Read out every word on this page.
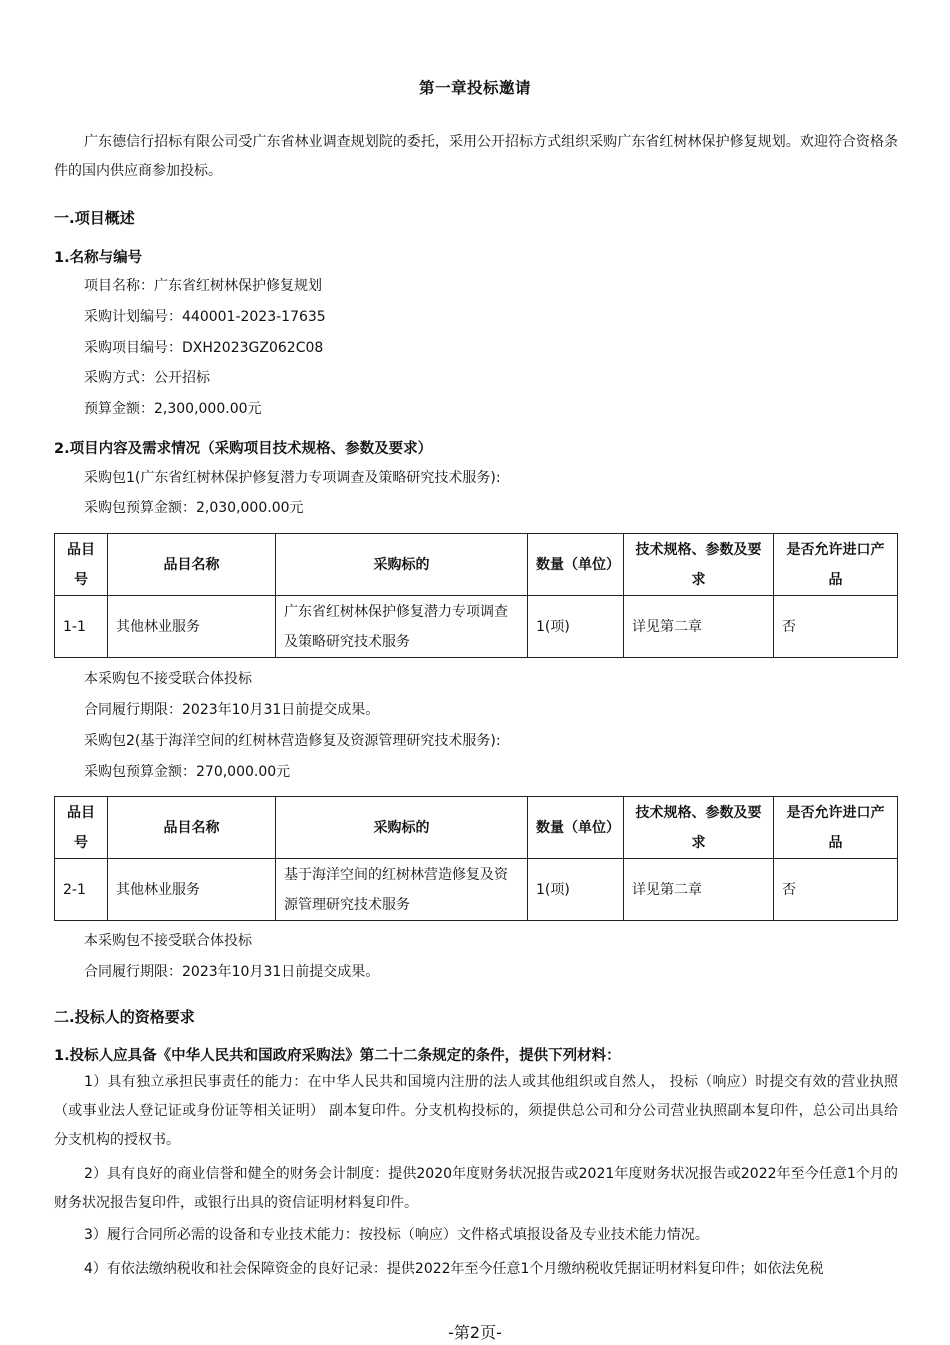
第一章投标邀请

广东德信行招标有限公司受广东省林业调查规划院的委托，采用公开招标方式组织采购广东省红树林保护修复规划。欢迎符合资格条件的国内供应商参加投标。

一.项目概述
1.名称与编号
项目名称：广东省红树林保护修复规划
采购计划编号：440001-2023-17635
采购项目编号：DXH2023GZ062C08
采购方式：公开招标
预算金额：2,300,000.00元
2.项目内容及需求情况（采购项目技术规格、参数及要求）
采购包1(广东省红树林保护修复潜力专项调查及策略研究技术服务):
采购包预算金额：2,030,000.00元
品目号	品目名称	采购标的	数量（单位）	技术规格、参数及要求	是否允许进口产品
1-1	其他林业服务	广东省红树林保护修复潜力专项调查及策略研究技术服务	1(项)	详见第二章	否
本采购包不接受联合体投标
合同履行期限：2023年10月31日前提交成果。
采购包2(基于海洋空间的红树林营造修复及资源管理研究技术服务):
采购包预算金额：270,000.00元
品目号	品目名称	采购标的	数量（单位）	技术规格、参数及要求	是否允许进口产品
2-1	其他林业服务	基于海洋空间的红树林营造修复及资源管理研究技术服务	1(项)	详见第二章	否
本采购包不接受联合体投标
合同履行期限：2023年10月31日前提交成果。
二.投标人的资格要求
1.投标人应具备《中华人民共和国政府采购法》第二十二条规定的条件，提供下列材料：

1）具有独立承担民事责任的能力：在中华人民共和国境内注册的法人或其他组织或自然人， 投标（响应）时提交有效的营业执照（或事业法人登记证或身份证等相关证明） 副本复印件。分支机构投标的，须提供总公司和分公司营业执照副本复印件，总公司出具给分支机构的授权书。

2）具有良好的商业信誉和健全的财务会计制度：提供2020年度财务状况报告或2021年度财务状况报告或2022年至今任意1个月的财务状况报告复印件，或银行出具的资信证明材料复印件。

3）履行合同所必需的设备和专业技术能力：按投标（响应）文件格式填报设备及专业技术能力情况。

4）有依法缴纳税收和社会保障资金的良好记录：提供2022年至今任意1个月缴纳税收凭据证明材料复印件；如依法免税
-第2页-
